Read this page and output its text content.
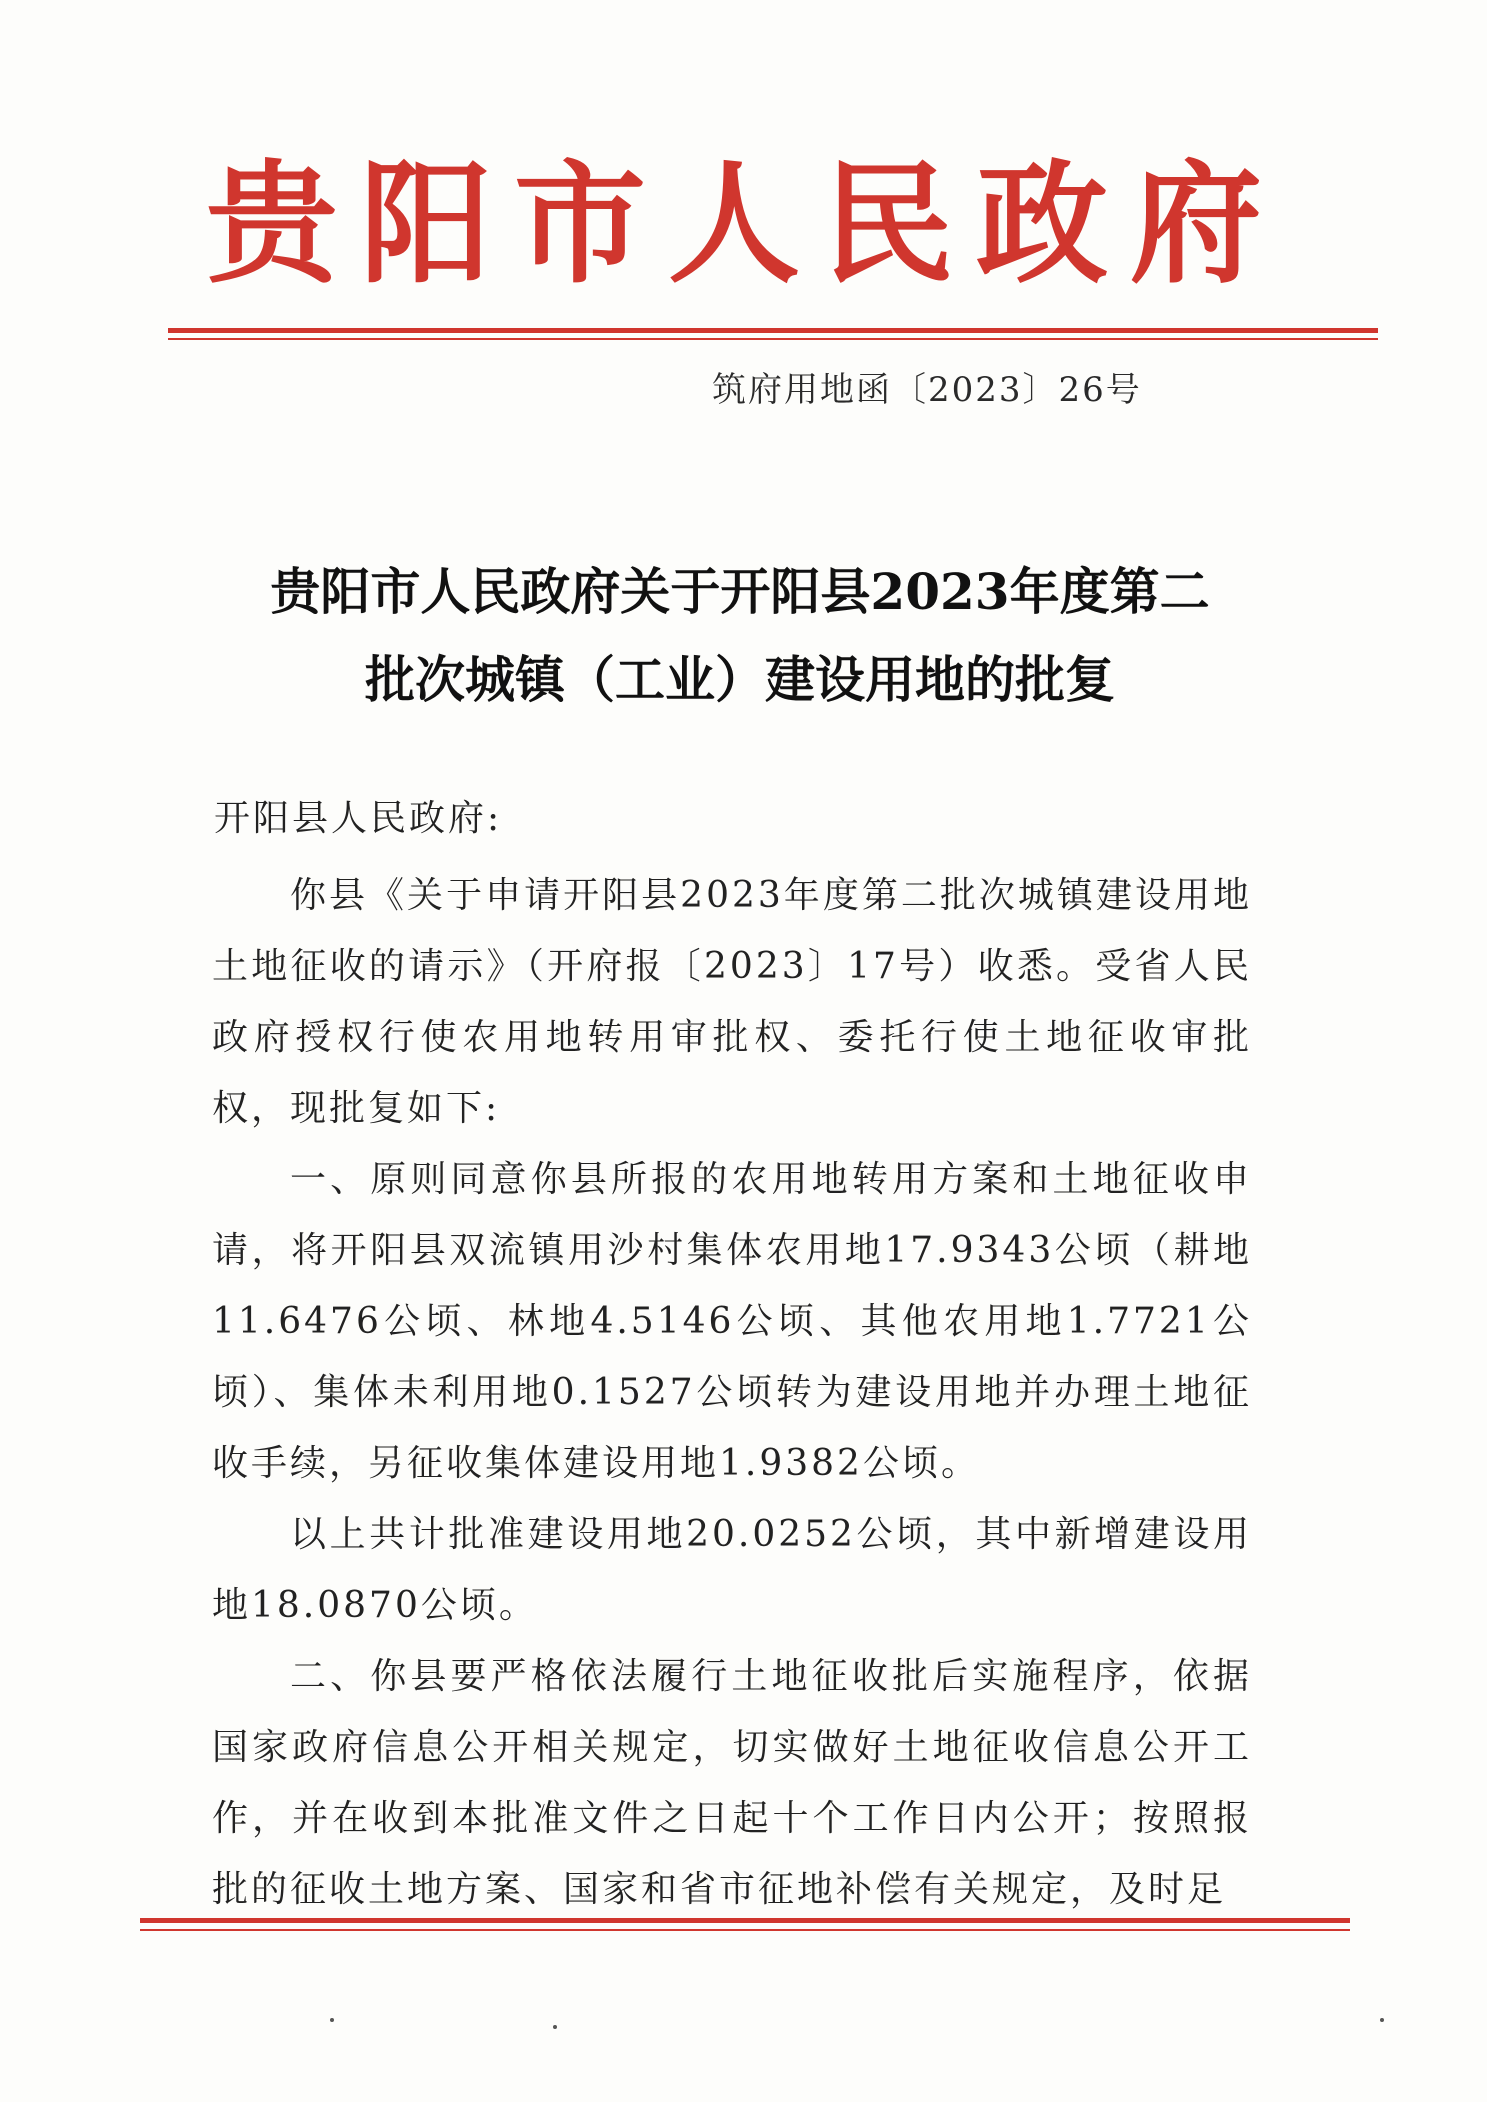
贵阳市人民政府
筑府用地函〔2023〕26号
贵阳市人民政府关于开阳县2023年度第二
批次城镇（工业）建设用地的批复
开阳县人民政府:

你县《关于申请开阳县2023年度第二批次城镇建设用地土地征收的请示》（开府报〔2023〕17号）收悉。受省人民政府授权行使农用地转用审批权、委托行使土地征收审批权，现批复如下:

一、原则同意你县所报的农用地转用方案和土地征收申请，将开阳县双流镇用沙村集体农用地17.9343公顷（耕地11.6476公顷、林地4.5146公顷、其他农用地1.7721公顷）、集体未利用地0.1527公顷转为建设用地并办理土地征收手续，另征收集体建设用地1.9382公顷。

以上共计批准建设用地20.0252公顷，其中新增建设用地18.0870公顷。

二、你县要严格依法履行土地征收批后实施程序，依据国家政府信息公开相关规定，切实做好土地征收信息公开工作，并在收到本批准文件之日起十个工作日内公开；按照报批的征收土地方案、国家和省市征地补偿有关规定，及时足
